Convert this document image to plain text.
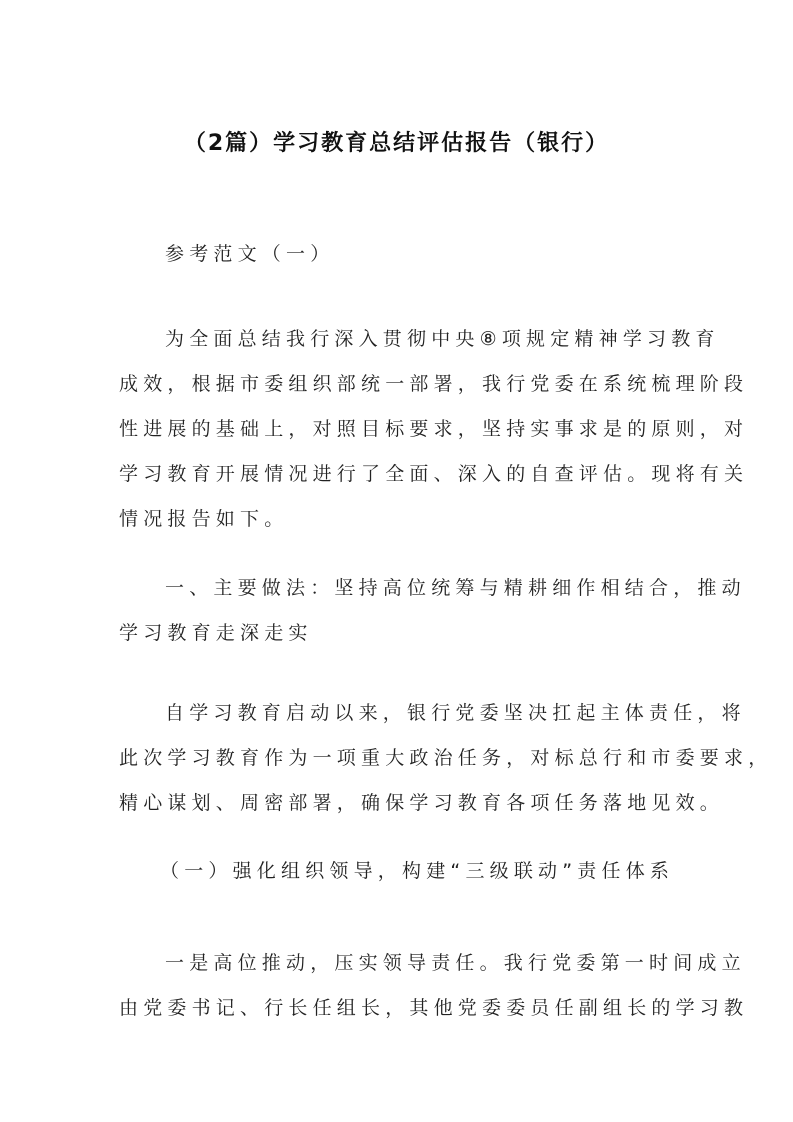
（2篇）学习教育总结评估报告（银行）
参考范文（一）
为全面总结我行深入贯彻中央⑧项规定精神学习教育
成效，根据市委组织部统一部署，我行党委在系统梳理阶段
性进展的基础上，对照目标要求，坚持实事求是的原则，对
学习教育开展情况进行了全面、深入的自查评估。现将有关
情况报告如下。
一、主要做法：坚持高位统筹与精耕细作相结合，推动
学习教育走深走实
自学习教育启动以来，银行党委坚决扛起主体责任，将
此次学习教育作为一项重大政治任务，对标总行和市委要求，
精心谋划、周密部署，确保学习教育各项任务落地见效。
（一）强化组织领导，构建“三级联动”责任体系
一是高位推动，压实领导责任。我行党委第一时间成立
由党委书记、行长任组长，其他党委委员任副组长的学习教
